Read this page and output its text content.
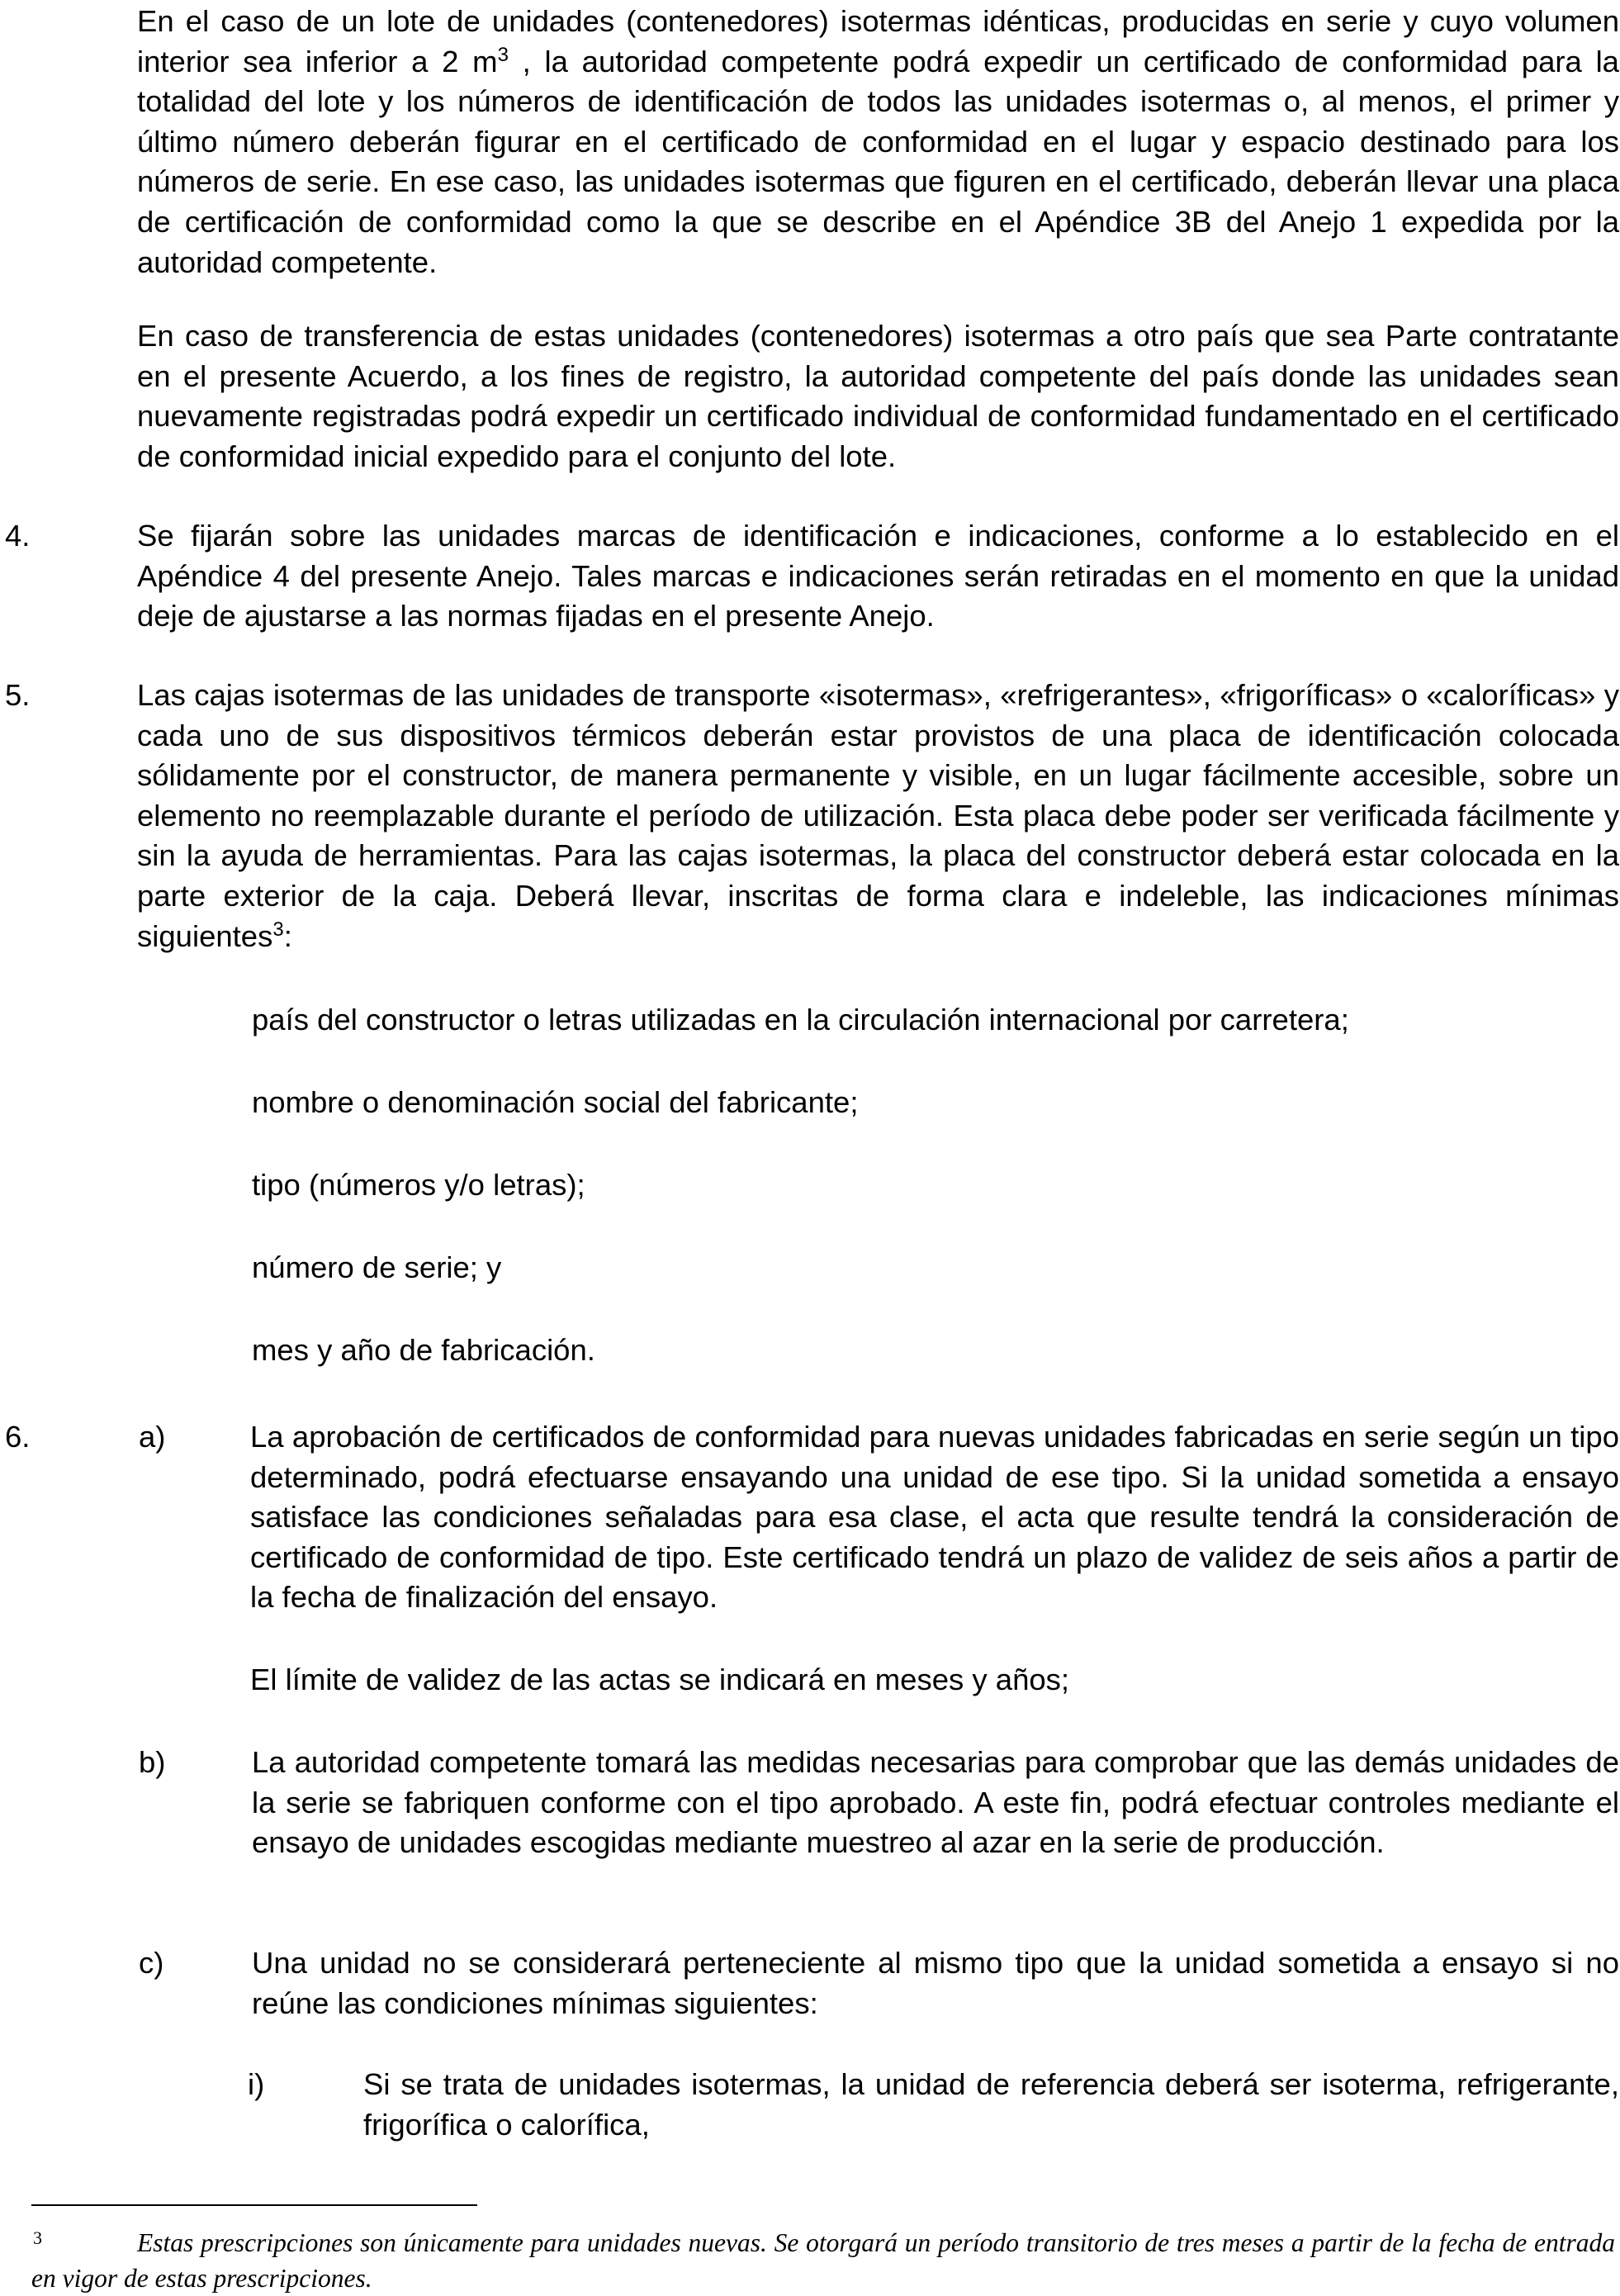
En el caso de un lote de unidades (contenedores) isotermas idénticas, producidas en serie y cuyo volumen interior sea inferior a 2 $m^3$ , la autoridad competente podrá expedir un certificado de conformidad para la totalidad del lote y los números de identificación de todos las unidades isotermas o, al menos, el primer y último número deberán figurar en el certificado de conformidad en el lugar y espacio destinado para los números de serie. En ese caso, las unidades isotermas que figuren en el certificado, deberán llevar una placa de certificación de conformidad como la que se describe en el Apéndice 3B del Anejo 1 expedida por la autoridad competente.

En caso de transferencia de estas unidades (contenedores) isotermas a otro país que sea Parte contratante en el presente Acuerdo, a los fines de registro, la autoridad competente del país donde las unidades sean nuevamente registradas podrá expedir un certificado individual de conformidad fundamentado en el certificado de conformidad inicial expedido para el conjunto del lote.

4.	Se fijarán sobre las unidades marcas de identificación e indicaciones, conforme a lo establecido en el Apéndice 4 del presente Anejo. Tales marcas e indicaciones serán retiradas en el momento en que la unidad deje de ajustarse a las normas fijadas en el presente Anejo.

5.	Las cajas isotermas de las unidades de transporte «isotermas», «refrigerantes», «frigoríficas» o «caloríficas» y cada uno de sus dispositivos térmicos deberán estar provistos de una placa de identificación colocada sólidamente por el constructor, de manera permanente y visible, en un lugar fácilmente accesible, sobre un elemento no reemplazable durante el período de utilización. Esta placa debe poder ser verificada fácilmente y sin la ayuda de herramientas. Para las cajas isotermas, la placa del constructor deberá estar colocada en la parte exterior de la caja. Deberá llevar, inscritas de forma clara e indeleble, las indicaciones mínimas siguientes$^3$:

país del constructor o letras utilizadas en la circulación internacional por carretera;
nombre o denominación social del fabricante;
tipo (números y/o letras);
número de serie; y
mes y año de fabricación.
6.	a)	La aprobación de certificados de conformidad para nuevas unidades fabricadas en serie según un tipo determinado, podrá efectuarse ensayando una unidad de ese tipo. Si la unidad sometida a ensayo satisface las condiciones señaladas para esa clase, el acta que resulte tendrá la consideración de certificado de conformidad de tipo. Este certificado tendrá un plazo de validez de seis años a partir de la fecha de finalización del ensayo.

El límite de validez de las actas se indicará en meses y años;
b)	La autoridad competente tomará las medidas necesarias para comprobar que las demás unidades de la serie se fabriquen conforme con el tipo aprobado. A este fin, podrá efectuar controles mediante el ensayo de unidades escogidas mediante muestreo al azar en la serie de producción.

c)	Una unidad no se considerará perteneciente al mismo tipo que la unidad sometida a ensayo si no reúne las condiciones mínimas siguientes:

i)	Si se trata de unidades isotermas, la unidad de referencia deberá ser isoterma, refrigerante, frigorífica o calorífica,

3	Estas prescripciones son únicamente para unidades nuevas. Se otorgará un período transitorio de tres meses a partir de la fecha de entrada en vigor de estas prescripciones.
